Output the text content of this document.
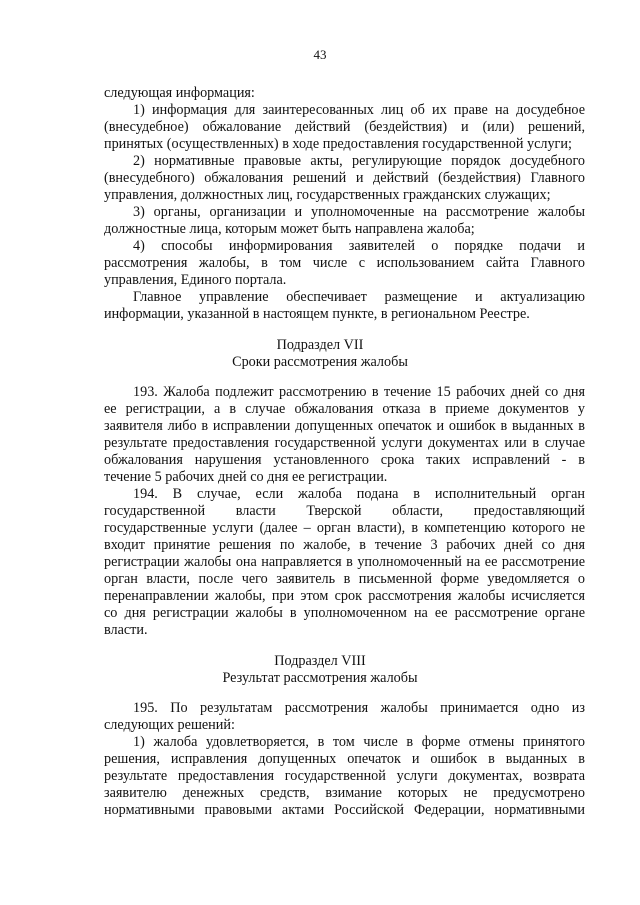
43
следующая информация:
1) информация для заинтересованных лиц об их праве на досудебное
(внесудебное) обжалование действий (бездействия) и (или) решений,
принятых (осуществленных) в ходе предоставления государственной услуги;
2) нормативные правовые акты, регулирующие порядок досудебного
(внесудебного) обжалования решений и действий (бездействия) Главного
управления, должностных лиц, государственных гражданских служащих;
3) органы, организации и уполномоченные на рассмотрение жалобы
должностные лица, которым может быть направлена жалоба;
4) способы информирования заявителей о порядке подачи и
рассмотрения жалобы, в том числе с использованием сайта Главного
управления, Единого портала.
Главное управление обеспечивает размещение и актуализацию
информации, указанной в настоящем пункте, в региональном Реестре.
Подраздел VII
Сроки рассмотрения жалобы
193. Жалоба подлежит рассмотрению в течение 15 рабочих дней со дня
ее регистрации, а в случае обжалования отказа в приеме документов у
заявителя либо в исправлении допущенных опечаток и ошибок в выданных в
результате предоставления государственной услуги документах или в случае
обжалования нарушения установленного срока таких исправлений - в
течение 5 рабочих дней со дня ее регистрации.
194. В случае, если жалоба подана в исполнительный орган
государственной власти Тверской области, предоставляющий
государственные услуги (далее – орган власти), в компетенцию которого не
входит принятие решения по жалобе, в течение 3 рабочих дней со дня
регистрации жалобы она направляется в уполномоченный на ее рассмотрение
орган власти, после чего заявитель в письменной форме уведомляется о
перенаправлении жалобы, при этом срок рассмотрения жалобы исчисляется
со дня регистрации жалобы в уполномоченном на ее рассмотрение органе
власти.
Подраздел VIII
Результат рассмотрения жалобы
195. По результатам рассмотрения жалобы принимается одно из
следующих решений:
1) жалоба удовлетворяется, в том числе в форме отмены принятого
решения, исправления допущенных опечаток и ошибок в выданных в
результате предоставления государственной услуги документах, возврата
заявителю денежных средств, взимание которых не предусмотрено
нормативными правовыми актами Российской Федерации, нормативными
